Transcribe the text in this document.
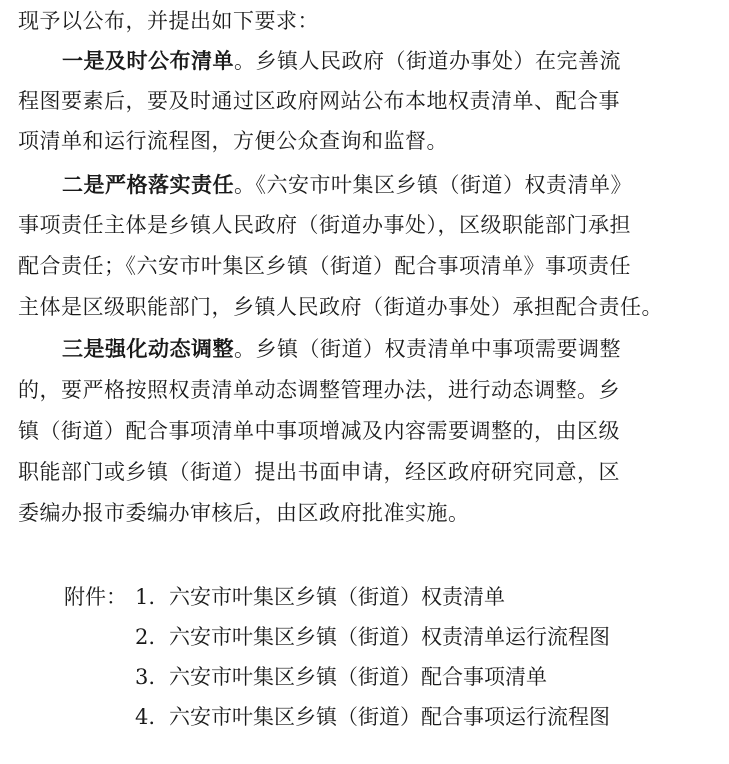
现予以公布，并提出如下要求：
一是及时公布清单。乡镇人民政府（街道办事处）在完善流
程图要素后，要及时通过区政府网站公布本地权责清单、配合事
项清单和运行流程图，方便公众查询和监督。
二是严格落实责任。《六安市叶集区乡镇（街道）权责清单》
事项责任主体是乡镇人民政府（街道办事处），区级职能部门承担
配合责任；《六安市叶集区乡镇（街道）配合事项清单》事项责任
主体是区级职能部门，乡镇人民政府（街道办事处）承担配合责任。
三是强化动态调整。乡镇（街道）权责清单中事项需要调整
的，要严格按照权责清单动态调整管理办法，进行动态调整。乡
镇（街道）配合事项清单中事项增减及内容需要调整的，由区级
职能部门或乡镇（街道）提出书面申请，经区政府研究同意，区
委编办报市委编办审核后，由区政府批准实施。
附件： 1. 六安市叶集区乡镇（街道）权责清单
2. 六安市叶集区乡镇（街道）权责清单运行流程图
3. 六安市叶集区乡镇（街道）配合事项清单
4. 六安市叶集区乡镇（街道）配合事项运行流程图
